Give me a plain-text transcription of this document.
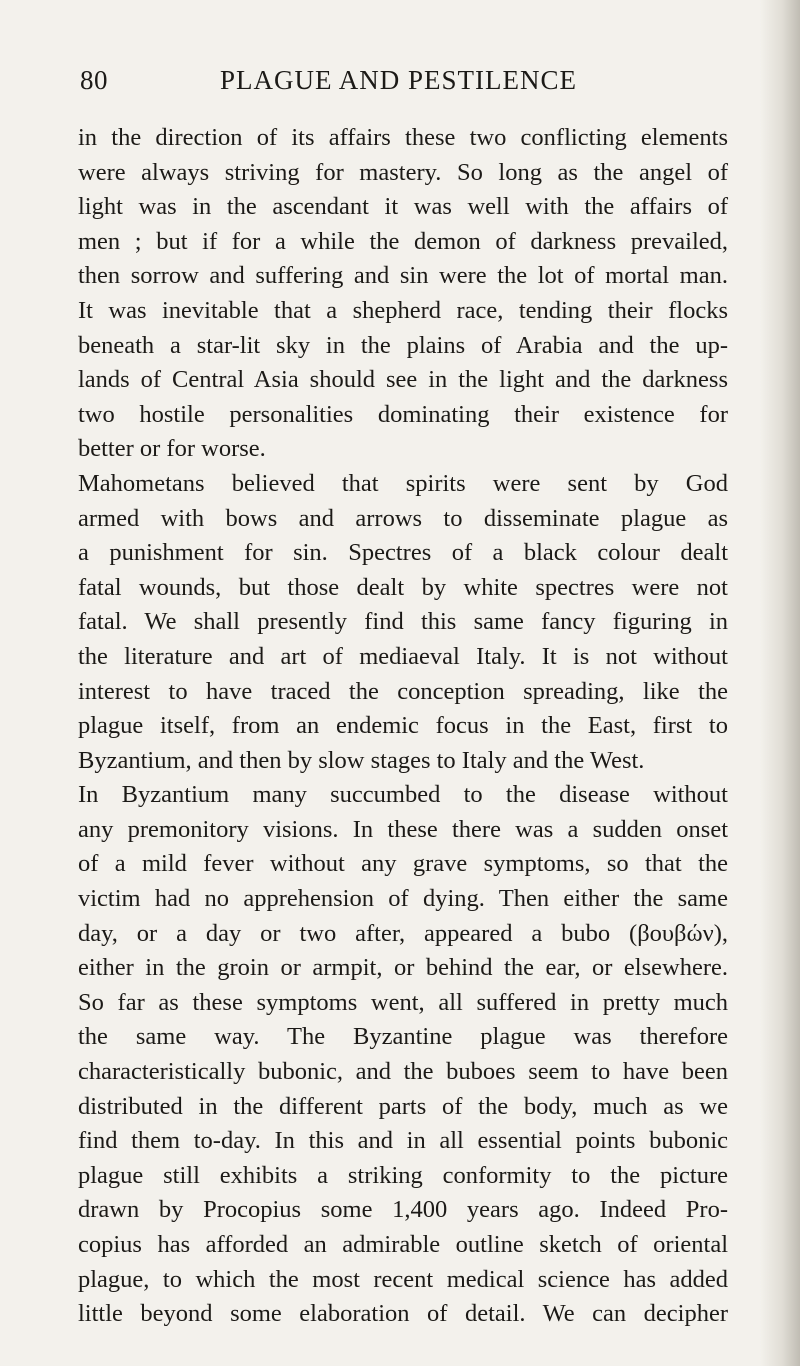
80	PLAGUE AND PESTILENCE
in the direction of its affairs these two conflicting elements
were always striving for mastery. So long as the angel of
light was in the ascendant it was well with the affairs of
men ; but if for a while the demon of darkness prevailed,
then sorrow and suffering and sin were the lot of mortal man.
It was inevitable that a shepherd race, tending their flocks
beneath a star-lit sky in the plains of Arabia and the up-
lands of Central Asia should see in the light and the darkness
two hostile personalities dominating their existence for
better or for worse.
Mahometans believed that spirits were sent by God
armed with bows and arrows to disseminate plague as
a punishment for sin. Spectres of a black colour dealt
fatal wounds, but those dealt by white spectres were not
fatal. We shall presently find this same fancy figuring in
the literature and art of mediaeval Italy. It is not without
interest to have traced the conception spreading, like the
plague itself, from an endemic focus in the East, first to
Byzantium, and then by slow stages to Italy and the West.
In Byzantium many succumbed to the disease without
any premonitory visions. In these there was a sudden onset
of a mild fever without any grave symptoms, so that the
victim had no apprehension of dying. Then either the same
day, or a day or two after, appeared a bubo (βουβών),
either in the groin or armpit, or behind the ear, or elsewhere.
So far as these symptoms went, all suffered in pretty much
the same way. The Byzantine plague was therefore
characteristically bubonic, and the buboes seem to have been
distributed in the different parts of the body, much as we
find them to-day. In this and in all essential points bubonic
plague still exhibits a striking conformity to the picture
drawn by Procopius some 1,400 years ago. Indeed Pro-
copius has afforded an admirable outline sketch of oriental
plague, to which the most recent medical science has added
little beyond some elaboration of detail. We can decipher
